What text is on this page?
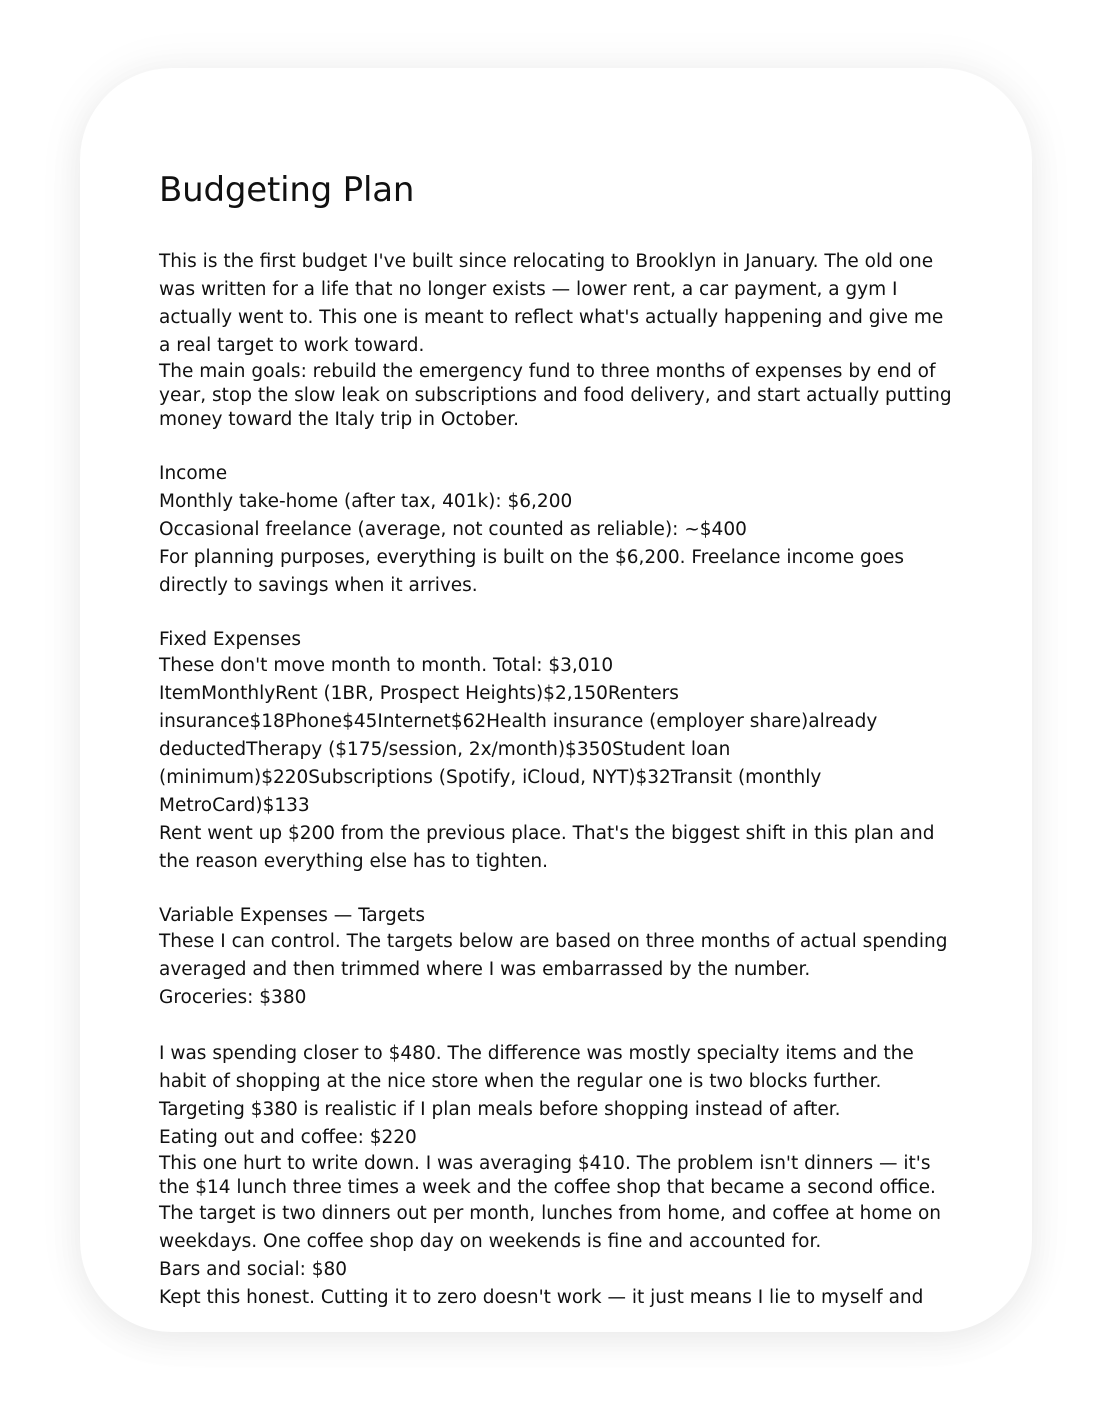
Budgeting Plan

This is the first budget I've built since relocating to Brooklyn in January. The old one was written for a life that no longer exists — lower rent, a car payment, a gym I actually went to. This one is meant to reflect what's actually happening and give me a real target to work toward.

The main goals: rebuild the emergency fund to three months of expenses by end of year, stop the slow leak on subscriptions and food delivery, and start actually putting money toward the Italy trip in October.

Income

Monthly take-home (after tax, 401k): $6,200

Occasional freelance (average, not counted as reliable): ~$400

For planning purposes, everything is built on the $6,200. Freelance income goes directly to savings when it arrives.

Fixed Expenses

These don't move month to month. Total: $3,010

ItemMonthlyRent (1BR, Prospect Heights)$2,150Renters insurance$18Phone$45Internet$62Health insurance (employer share)already deductedTherapy ($175/session, 2x/month)$350Student loan (minimum)$220Subscriptions (Spotify, iCloud, NYT)$32Transit (monthly MetroCard)$133

Rent went up $200 from the previous place. That's the biggest shift in this plan and the reason everything else has to tighten.

Variable Expenses — Targets

These I can control. The targets below are based on three months of actual spending averaged and then trimmed where I was embarrassed by the number.

Groceries: $380

I was spending closer to $480. The difference was mostly specialty items and the habit of shopping at the nice store when the regular one is two blocks further. Targeting $380 is realistic if I plan meals before shopping instead of after.

Eating out and coffee: $220

This one hurt to write down. I was averaging $410. The problem isn't dinners — it's the $14 lunch three times a week and the coffee shop that became a second office.

The target is two dinners out per month, lunches from home, and coffee at home on weekdays. One coffee shop day on weekends is fine and accounted for.

Bars and social: $80

Kept this honest. Cutting it to zero doesn't work — it just means I lie to myself and
